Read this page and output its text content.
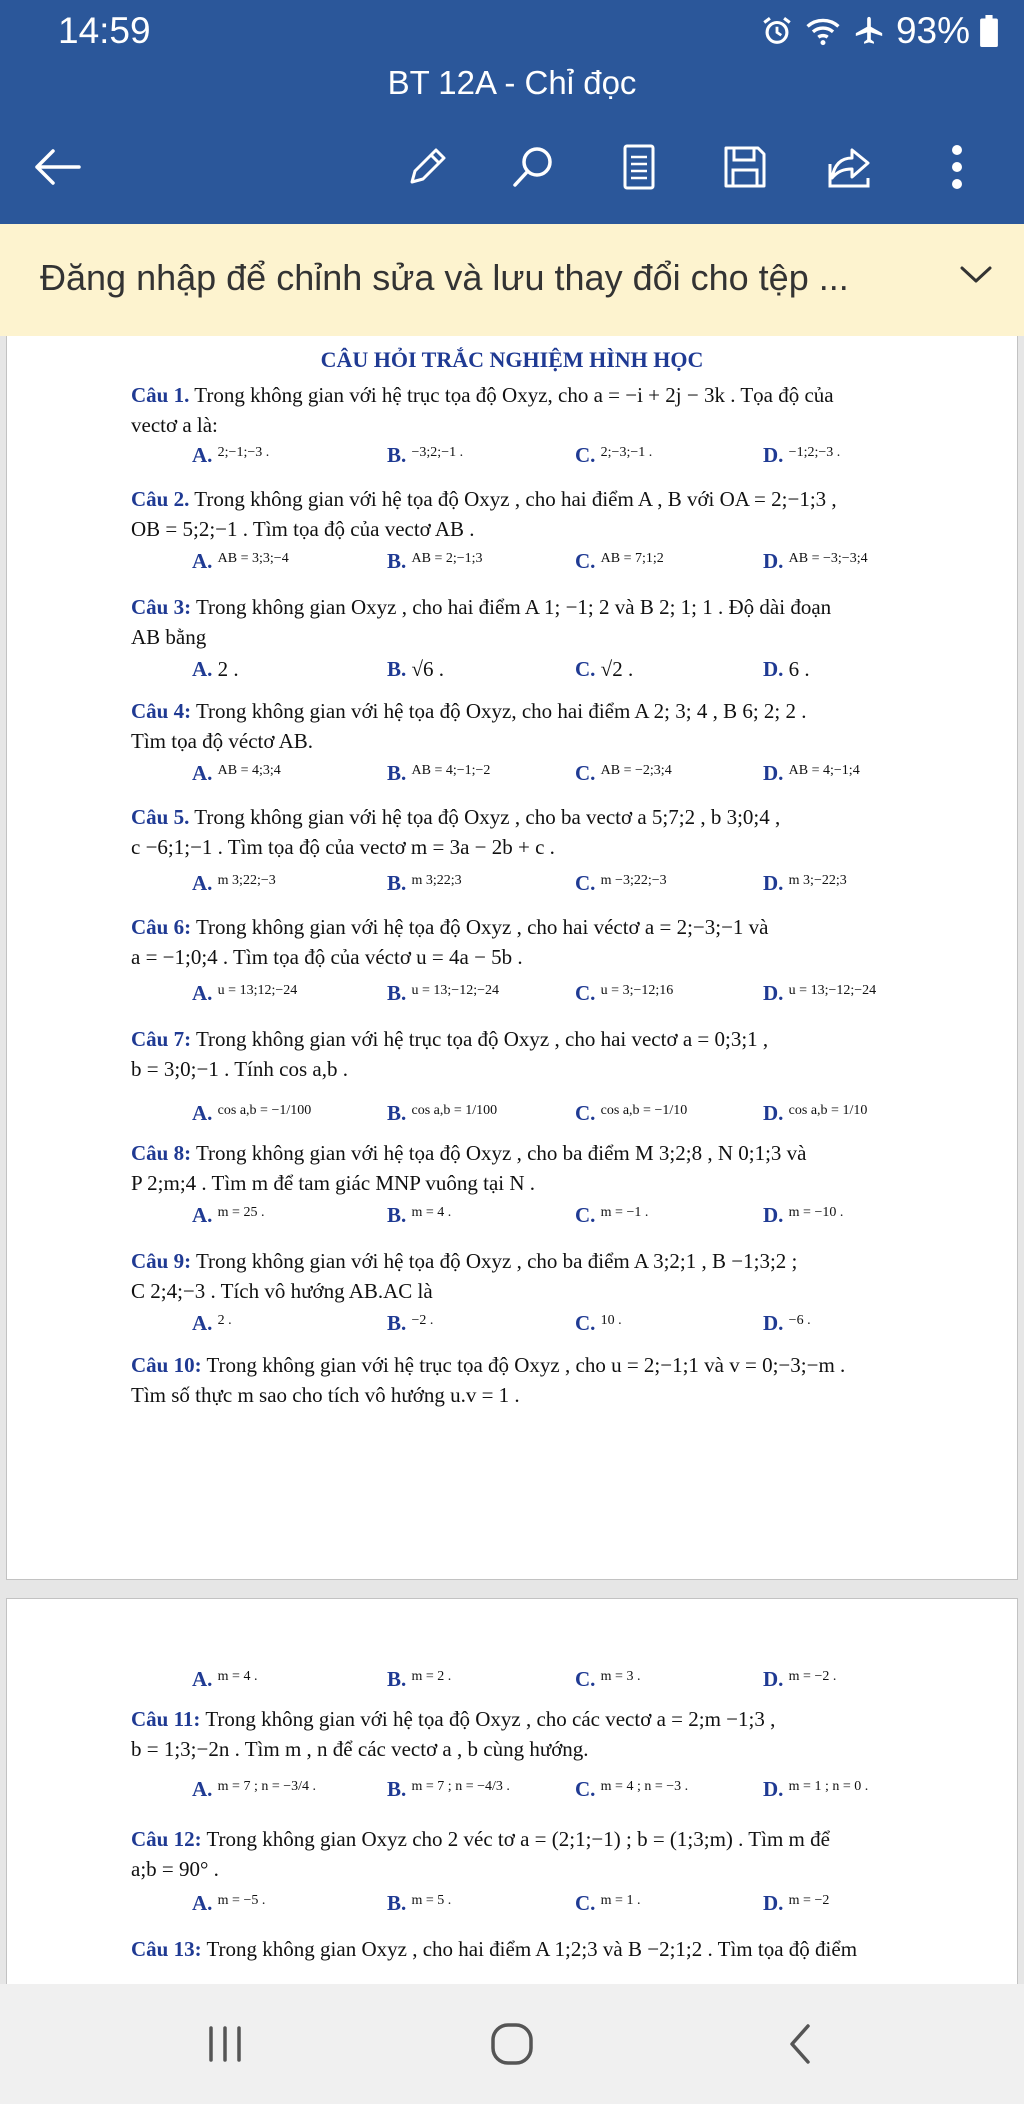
14:59	93%
BT 12A - Chỉ đọc
Đăng nhập để chỉnh sửa và lưu thay đổi cho tệp ...
CÂU HỎI TRẮC NGHIỆM HÌNH HỌC
Câu 1. Trong không gian với hệ trục tọa độ Oxyz, cho a = −i + 2j − 3k . Tọa độ của
vectơ a là:
A. $^{2;-1;-3 .}$	B. $^{-3;2;-1 .}$	C. $^{2;-3;-1 .}$	D. $^{-1;2;-3 .}$
Câu 2. Trong không gian với hệ tọa độ Oxyz , cho hai điểm A , B với OA = 2;−1;3 ,
OB = 5;2;−1 . Tìm tọa độ của vectơ AB .
A. $^{AB = 3;3;-4}$	B. $^{AB = 2;-1;3}$	C. $^{AB = 7;1;2}$	D. $^{AB = -3;-3;4}$
Câu 3: Trong không gian Oxyz , cho hai điểm A 1; −1; 2 và B 2; 1; 1 . Độ dài đoạn
AB bằng
A. 2 .	B. √6 .	C. √2 .	D. 6 .
Câu 4: Trong không gian với hệ tọa độ Oxyz, cho hai điểm A 2; 3; 4 , B 6; 2; 2 .
Tìm tọa độ véctơ AB.
A. $^{AB = 4;3;4}$	B. $^{AB = 4;-1;-2}$	C. $^{AB = -2;3;4}$	D. $^{AB = 4;-1;4}$
Câu 5. Trong không gian với hệ tọa độ Oxyz , cho ba vectơ a 5;7;2 , b 3;0;4 ,
c −6;1;−1 . Tìm tọa độ của vectơ m = 3a − 2b + c .
A. $^{m 3;22;-3}$	B. $^{m 3;22;3}$	C. $^{m -3;22;-3}$	D. $^{m 3;-22;3}$
Câu 6: Trong không gian với hệ tọa độ Oxyz , cho hai véctơ a = 2;−3;−1 và
a = −1;0;4 . Tìm tọa độ của véctơ u = 4a − 5b .
A. $^{u = 13;12;-24}$	B. $^{u = 13;-12;-24}$	C. $^{u = 3;-12;16}$	D. $^{u = 13;-12;-24}$
Câu 7: Trong không gian với hệ trục tọa độ Oxyz , cho hai vectơ a = 0;3;1 ,
b = 3;0;−1 . Tính cos a,b .
A. $^{cos a,b = -1/100}$	B. $^{cos a,b = 1/100}$	C. $^{cos a,b = -1/10}$	D. $^{cos a,b = 1/10}$
Câu 8: Trong không gian với hệ tọa độ Oxyz , cho ba điểm M 3;2;8 , N 0;1;3 và
P 2;m;4 . Tìm m để tam giác MNP vuông tại N .
A. $^{m = 25 .}$	B. $^{m = 4 .}$	C. $^{m = -1 .}$	D. $^{m = -10 .}$
Câu 9: Trong không gian với hệ tọa độ Oxyz , cho ba điểm A 3;2;1 , B −1;3;2 ;
C 2;4;−3 . Tích vô hướng AB.AC là
A. $^{2 .}$	B. $^{-2 .}$	C. $^{10 .}$	D. $^{-6 .}$
Câu 10: Trong không gian với hệ trục tọa độ Oxyz , cho u = 2;−1;1 và v = 0;−3;−m .
Tìm số thực m sao cho tích vô hướng u.v = 1 .
A. $^{m = 4 .}$	B. $^{m = 2 .}$	C. $^{m = 3 .}$	D. $^{m = -2 .}$
Câu 11: Trong không gian với hệ tọa độ Oxyz , cho các vectơ a = 2;m −1;3 ,
b = 1;3;−2n . Tìm m , n để các vectơ a , b cùng hướng.
A. $^{m = 7 ; n = -3/4 .}$	B. $^{m = 7 ; n = -4/3 .}$	C. $^{m = 4 ; n = -3 .}$	D. $^{m = 1 ; n = 0 .}$
Câu 12: Trong không gian Oxyz cho 2 véc tơ a = (2;1;−1) ; b = (1;3;m) . Tìm m để
a;b = 90° .
A. $^{m = -5 .}$	B. $^{m = 5 .}$	C. $^{m = 1 .}$	D. $^{m = -2}$
Câu 13: Trong không gian Oxyz , cho hai điểm A 1;2;3 và B −2;1;2 . Tìm tọa độ điểm
